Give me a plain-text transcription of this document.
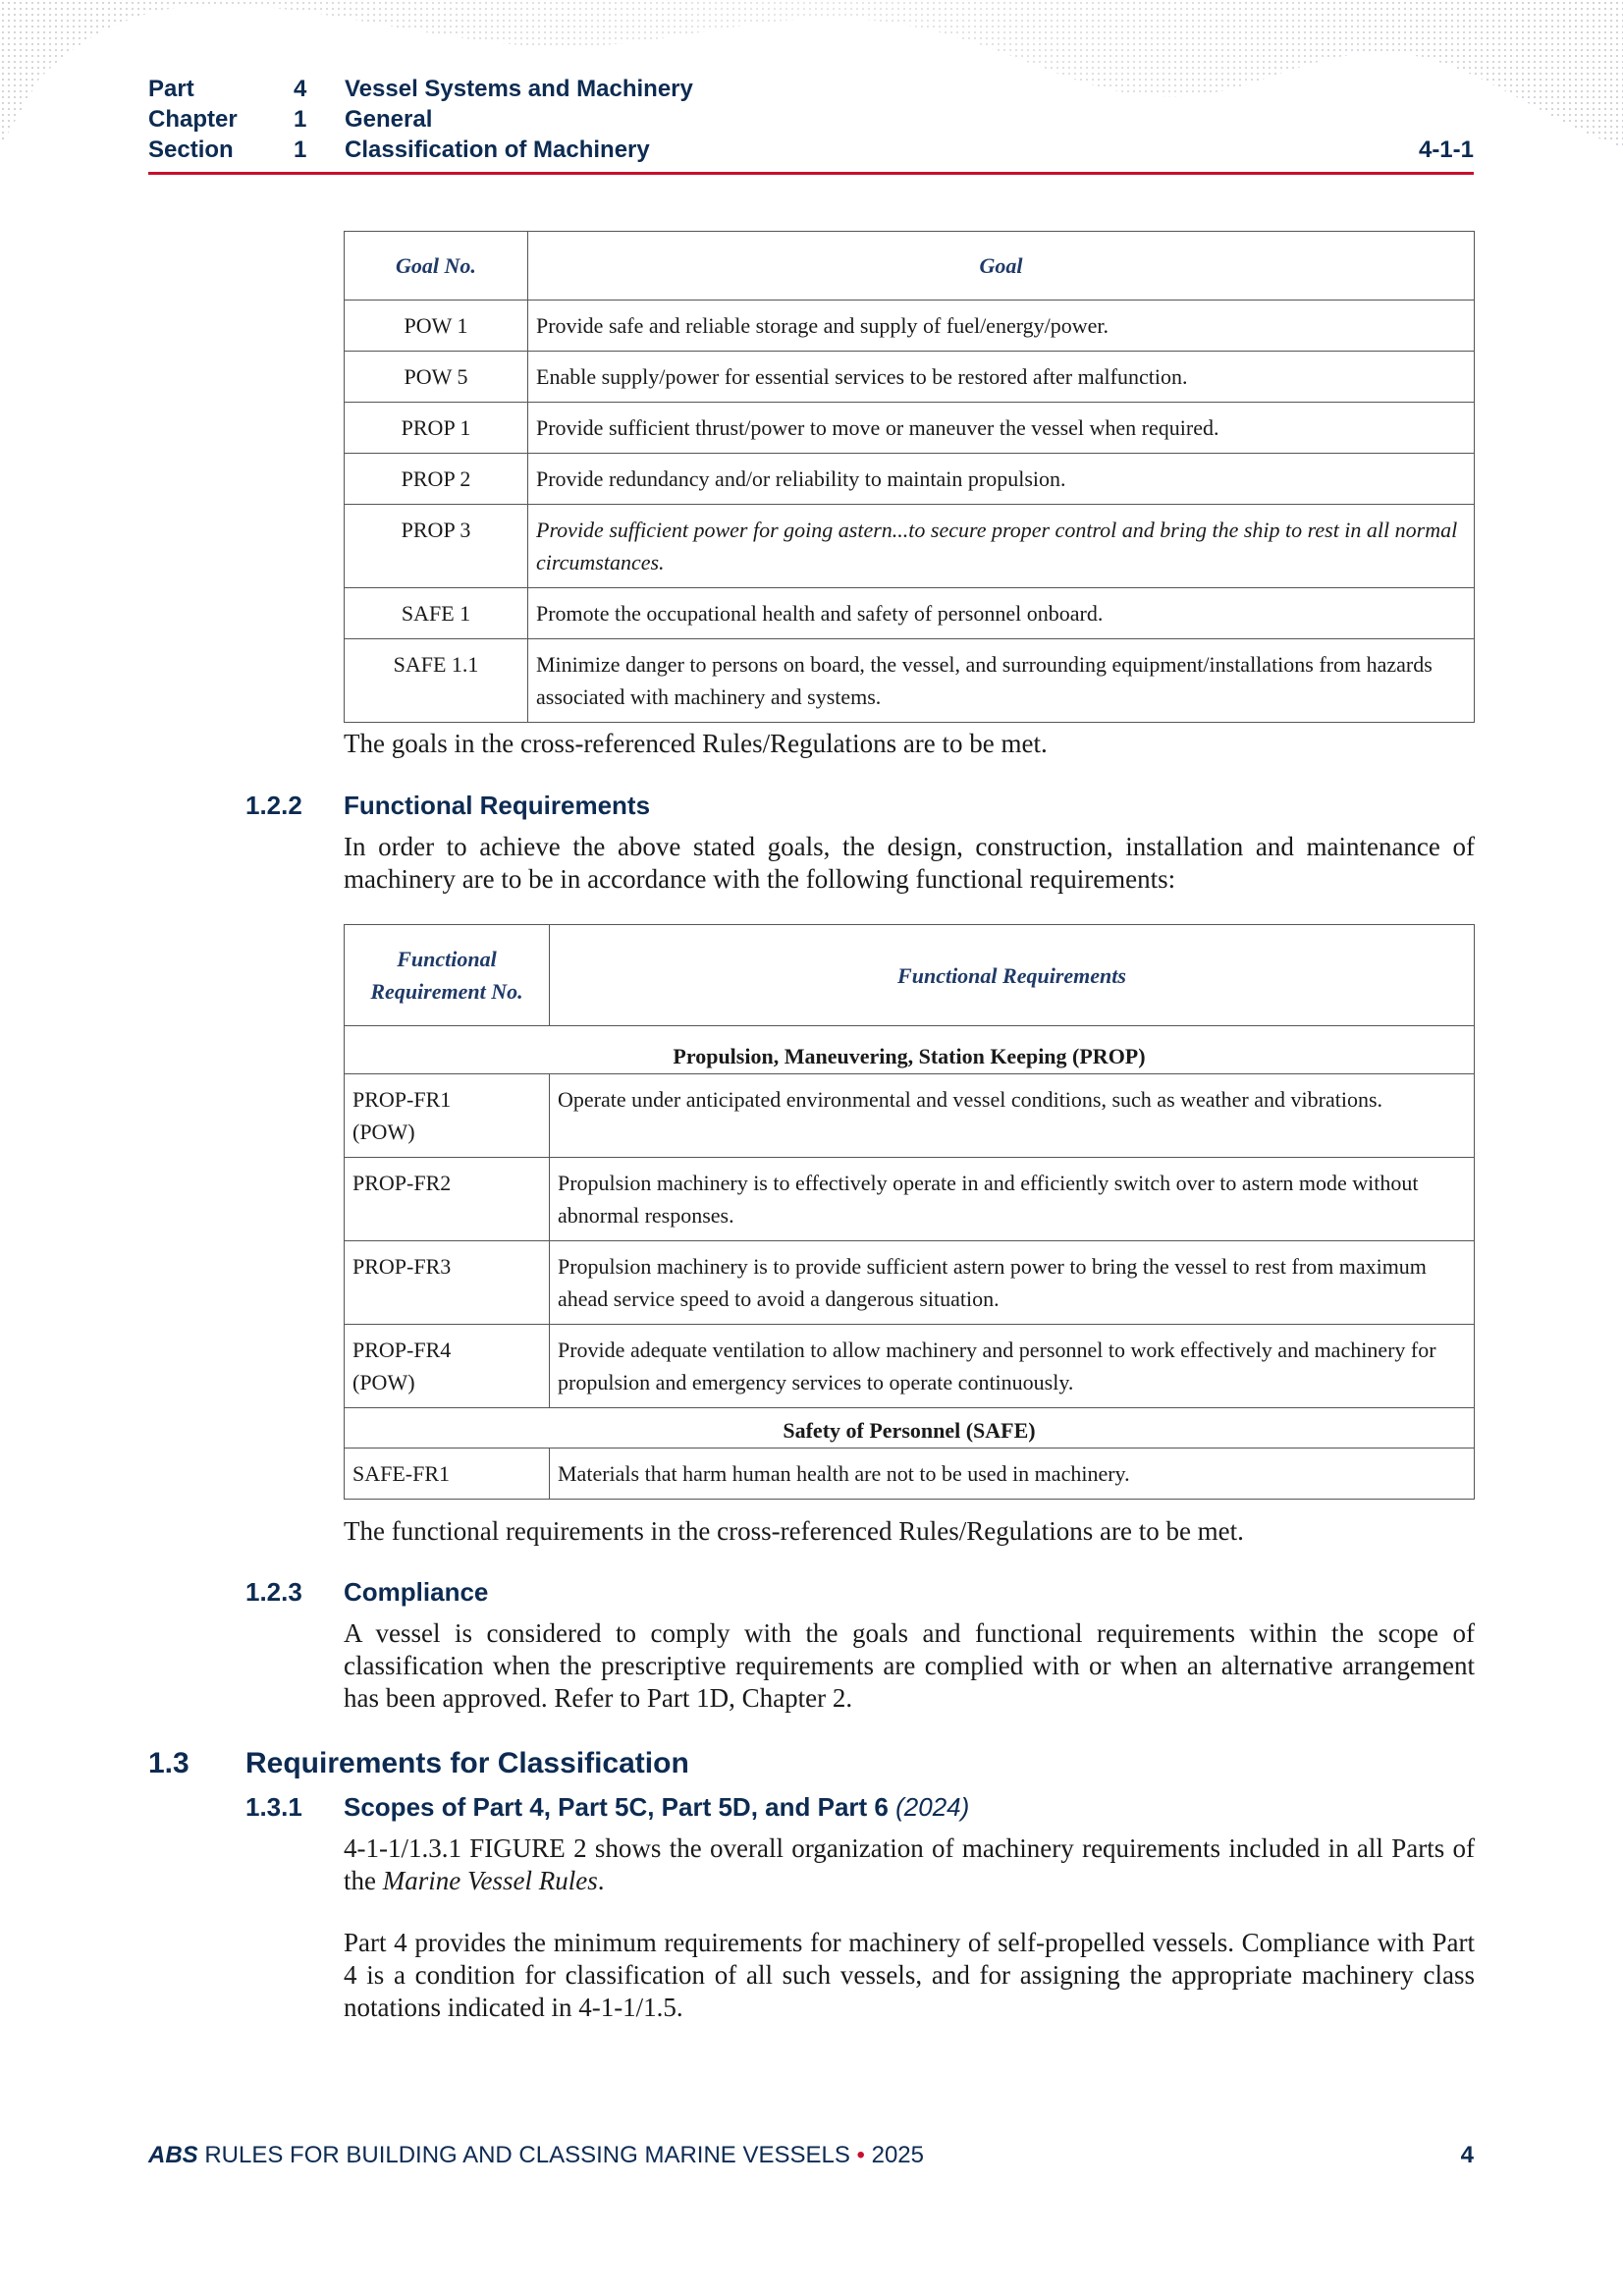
Part	4 Vessel Systems and Machinery
Chapter 1 General
Section	1 Classification of Machinery	4-1-1
Goal No.	Goal
POW 1	Provide safe and reliable storage and supply of fuel/energy/power.
POW 5	Enable supply/power for essential services to be restored after malfunction.
PROP 1	Provide sufficient thrust/power to move or maneuver the vessel when required.
PROP 2	Provide redundancy and/or reliability to maintain propulsion.
PROP 3	Provide sufficient power for going astern...to secure proper control and bring the ship to rest in all normal circumstances.
SAFE 1	Promote the occupational health and safety of personnel onboard.
SAFE 1.1	Minimize danger to persons on board, the vessel, and surrounding equipment/installations from hazards associated with machinery and systems.

The goals in the cross-referenced Rules/Regulations are to be met.

1.2.2 Functional Requirements

In order to achieve the above stated goals, the design, construction, installation and maintenance of machinery are to be in accordance with the following functional requirements:

Functional
Requirement No.	Functional Requirements
Propulsion, Maneuvering, Station Keeping (PROP)	
PROP-FR1
(POW)	Operate under anticipated environmental and vessel conditions, such as weather and vibrations.
PROP-FR2	Propulsion machinery is to effectively operate in and efficiently switch over to astern mode without abnormal responses.
PROP-FR3	Propulsion machinery is to provide sufficient astern power to bring the vessel to rest from maximum ahead service speed to avoid a dangerous situation.
PROP-FR4
(POW)	Provide adequate ventilation to allow machinery and personnel to work effectively and machinery for propulsion and emergency services to operate continuously.
Safety of Personnel (SAFE)	
SAFE-FR1	Materials that harm human health are not to be used in machinery.

The functional requirements in the cross-referenced Rules/Regulations are to be met.

1.2.3 Compliance

A vessel is considered to comply with the goals and functional requirements within the scope of classification when the prescriptive requirements are complied with or when an alternative arrangement has been approved. Refer to Part 1D, Chapter 2.

1.3 Requirements for Classification
1.3.1 Scopes of Part 4, Part 5C, Part 5D, and Part 6 (2024)

4-1-1/1.3.1 FIGURE 2 shows the overall organization of machinery requirements included in all Parts of the Marine Vessel Rules.

Part 4 provides the minimum requirements for machinery of self-propelled vessels. Compliance with Part 4 is a condition for classification of all such vessels, and for assigning the appropriate machinery class notations indicated in 4-1-1/1.5.

ABS RULES FOR BUILDING AND CLASSING MARINE VESSELS • 2025	4
